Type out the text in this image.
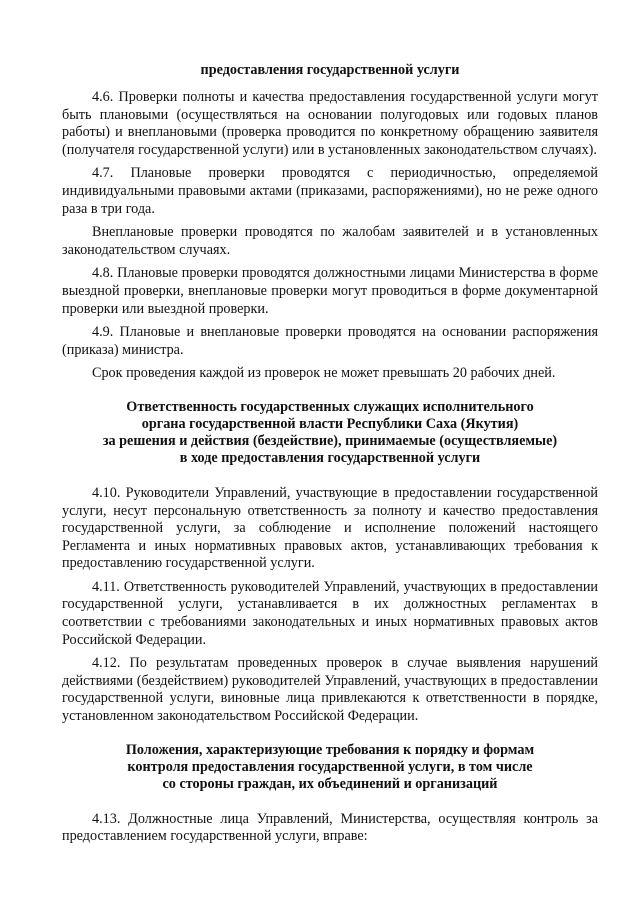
предоставления государственной услуги

4.6. Проверки полноты и качества предоставления государственной услуги могут быть плановыми (осуществляться на основании полугодовых или годовых планов работы) и внеплановыми (проверка проводится по конкретному обращению заявителя (получателя государственной услуги) или в установленных законодательством случаях).

4.7. Плановые проверки проводятся с периодичностью, определяемой индивидуальными правовыми актами (приказами, распоряжениями), но не реже одного раза в три года.

Внеплановые проверки проводятся по жалобам заявителей и в установленных законодательством случаях.

4.8. Плановые проверки проводятся должностными лицами Министерства в форме выездной проверки, внеплановые проверки могут проводиться в форме документарной проверки или выездной проверки.

4.9. Плановые и внеплановые проверки проводятся на основании распоряжения (приказа) министра.

Срок проведения каждой из проверок не может превышать 20 рабочих дней.

Ответственность государственных служащих исполнительного
органа государственной власти Республики Саха (Якутия)
за решения и действия (бездействие), принимаемые (осуществляемые)
в ходе предоставления государственной услуги

4.10. Руководители Управлений, участвующие в предоставлении государственной услуги, несут персональную ответственность за полноту и качество предоставления государственной услуги, за соблюдение и исполнение положений настоящего Регламента и иных нормативных правовых актов, устанавливающих требования к предоставлению государственной услуги.

4.11. Ответственность руководителей Управлений, участвующих в предоставлении государственной услуги, устанавливается в их должностных регламентах в соответствии с требованиями законодательных и иных нормативных правовых актов Российской Федерации.

4.12. По результатам проведенных проверок в случае выявления нарушений действиями (бездействием) руководителей Управлений, участвующих в предоставлении государственной услуги, виновные лица привлекаются к ответственности в порядке, установленном законодательством Российской Федерации.

Положения, характеризующие требования к порядку и формам
контроля предоставления государственной услуги, в том числе
со стороны граждан, их объединений и организаций

4.13. Должностные лица Управлений, Министерства, осуществляя контроль за предоставлением государственной услуги, вправе:
